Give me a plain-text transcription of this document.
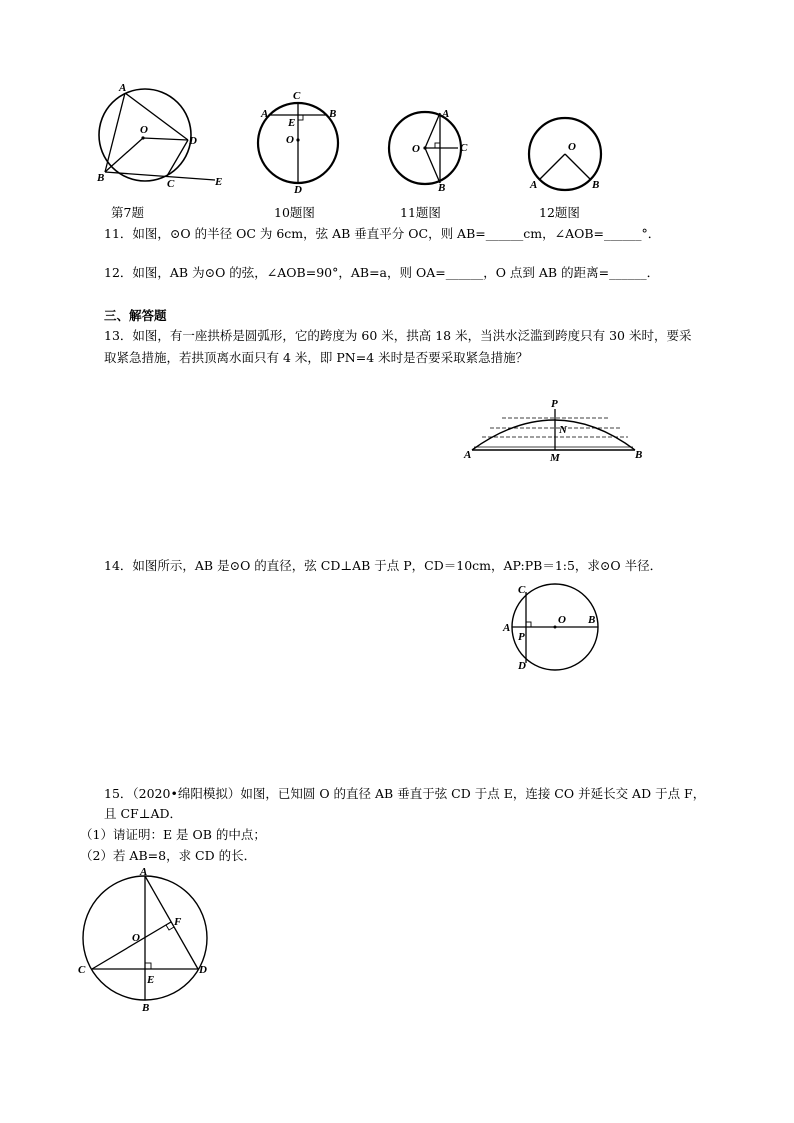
A
O
D
B	C	E
C
A	B
E
O
D
A
O	C
B
O
A	B
第7题	10题图	11题图	12题图
11．如图，⊙O 的半径 OC 为 6cm，弦 AB 垂直平分 OC，则 AB=______cm，∠AOB=______°．
12．如图，AB 为⊙O 的弦，∠AOB=90°，AB=a，则 OA=______，O 点到 AB 的距离=______．
三、解答题
13．如图，有一座拱桥是圆弧形，它的跨度为 60 米，拱高 18 米，当洪水泛滥到跨度只有 30 米时，要采
取紧急措施，若拱顶离水面只有 4 米，即 PN=4 米时是否要采取紧急措施？
P
N
M
A	B
14．如图所示，AB 是⊙O 的直径，弦 CD⊥AB 于点 P，CD＝10cm，AP:PB＝1:5，求⊙O 半径．
C
A
P
O B
D
15．（2020•绵阳模拟）如图，已知圆 O 的直径 AB 垂直于弦 CD 于点 E，连接 CO 并延长交 AD 于点 F，
且 CF⊥AD．
（1）请证明：E 是 OB 的中点；
（2）若 AB=8，求 CD 的长．
A
F
O
C
E
D
B
